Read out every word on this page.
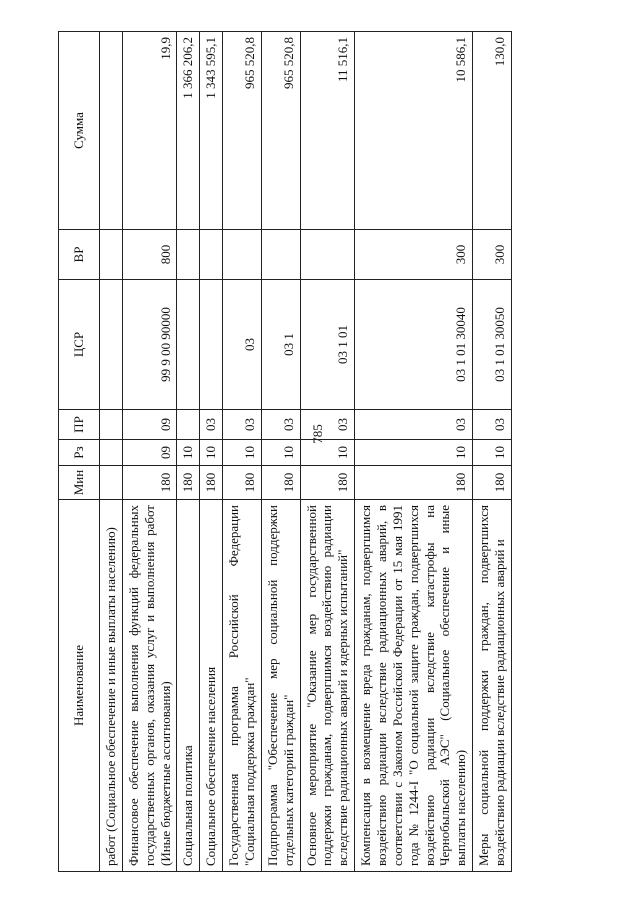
785
Наименование	Мин	Рз	ПР	ЦСР	ВР	Сумма
работ (Социальное обеспечение и иные выплаты населению)						
Финансовое обеспечение выполнения функций федеральных государственных органов, оказания услуг и выполнения работ (Иные бюджетные ассигнования)	180	09	09	99 9 00 90000	800	19,9
Социальная политика	180	10				1 366 206,2
Социальное обеспечение населения	180	10	03			1 343 595,1
Государственная программа Российской Федерации "Социальная поддержка граждан"	180	10	03	03		965 520,8
Подпрограмма "Обеспечение мер социальной поддержки отдельных категорий граждан"	180	10	03	03 1		965 520,8
Основное мероприятие "Оказание мер государственной поддержки гражданам, подвергшимся воздействию радиации вследствие радиационных аварий и ядерных испытаний"	180	10	03	03 1 01		11 516,1
Компенсация в возмещение вреда гражданам, подвергшимся воздействию радиации вследствие радиационных аварий, в соответствии с Законом Российской Федерации от 15 мая 1991 года № 1244-I "О социальной защите граждан, подвергшихся воздействию радиации вследствие катастрофы на Чернобыльской АЭС" (Социальное обеспечение и иные выплаты населению)	180	10	03	03 1 01 30040	300	10 586,1
Меры социальной поддержки граждан, подвергшихся воздействию радиации вследствие радиационных аварий и	180	10	03	03 1 01 30050	300	130,0
